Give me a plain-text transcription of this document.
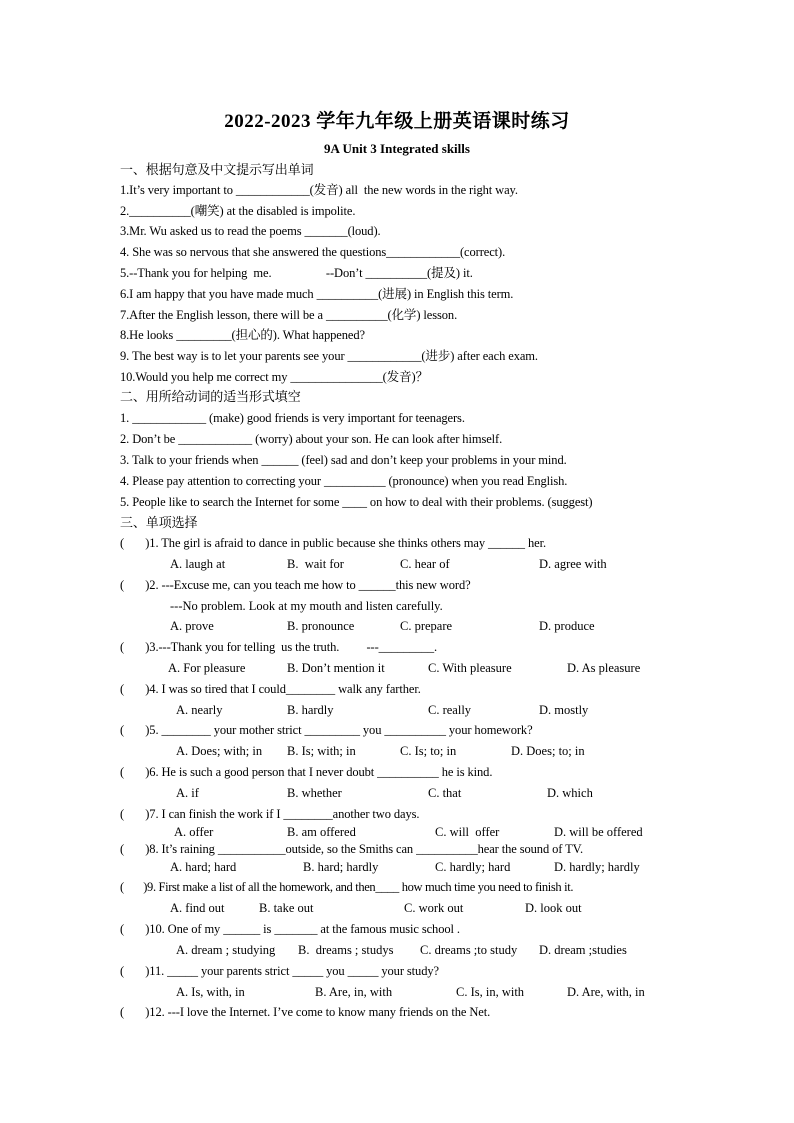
2022-2023 学年九年级上册英语课时练习
9A Unit 3 Integrated skills
一、根据句意及中文提示写出单词
1.It’s very important to ____________(发音) all  the new words in the right way.
2.__________(嘲笑) at the disabled is impolite.
3.Mr. Wu asked us to read the poems _______(loud).
4. She was so nervous that she answered the questions____________(correct).
5.--Thank you for helping  me.                  --Don’t __________(提及) it.
6.I am happy that you have made much __________(进展) in English this term.
7.After the English lesson, there will be a __________(化学) lesson.
8.He looks _________(担心的). What happened?
9. The best way is to let your parents see your ____________(进步) after each exam.
10.Would you help me correct my _______________(发音)？
二、用所给动词的适当形式填空
1. ____________ (make) good friends is very important for teenagers.
2. Don’t be ____________ (worry) about your son. He can look after himself.
3. Talk to your friends when ______ (feel) sad and don’t keep your problems in your mind.
4. Please pay attention to correcting your __________ (pronounce) when you read English.
5. People like to search the Internet for some ____ on how to deal with their problems. (suggest)
三、单项选择
(       )1. The girl is afraid to dance in public because she thinks others may ______ her.
A. laugh at	B.  wait for	C. hear of	D. agree with
(       )2. ---Excuse me, can you teach me how to ______this new word?
---No problem. Look at my mouth and listen carefully.
A. prove	B. pronounce	C. prepare	D. produce
(       )3.---Thank you for telling  us the truth.         ---_________.
A. For pleasure	B. Don’t mention it	C. With pleasure	D. As pleasure
(       )4. I was so tired that I could________ walk any farther.
A. nearly	B. hardly	C. really	D. mostly
(       )5. ________ your mother strict _________ you __________ your homework?
A. Does; with; in B. Is; with; in	C. Is; to; in	D. Does; to; in
(       )6. He is such a good person that I never doubt __________ he is kind.
A. if	B. whether	C. that	D. which
(       )7. I can finish the work if I ________another two days.
A. offer	B. am offered	C. will  offer	D. will be offered
(       )8. It’s raining ___________outside, so the Smiths can __________hear the sound of TV.
A. hard; hard	B. hard; hardly	C. hardly; hard	D. hardly; hardly
(       )9. First make a list of all the homework, and then____ how much time you need to finish it.
A. find out	B. take out	C. work out	D. look out
(       )10. One of my ______ is _______ at the famous music school .
A. dream ; studying B.  dreams ; studys C. dreams ;to study D. dream ;studies
(       )11. _____ your parents strict _____ you _____ your study?
A. Is, with, in	B. Are, in, with	C. Is, in, with	D. Are, with, in
(       )12. ---I love the Internet. I’ve come to know many friends on the Net.
